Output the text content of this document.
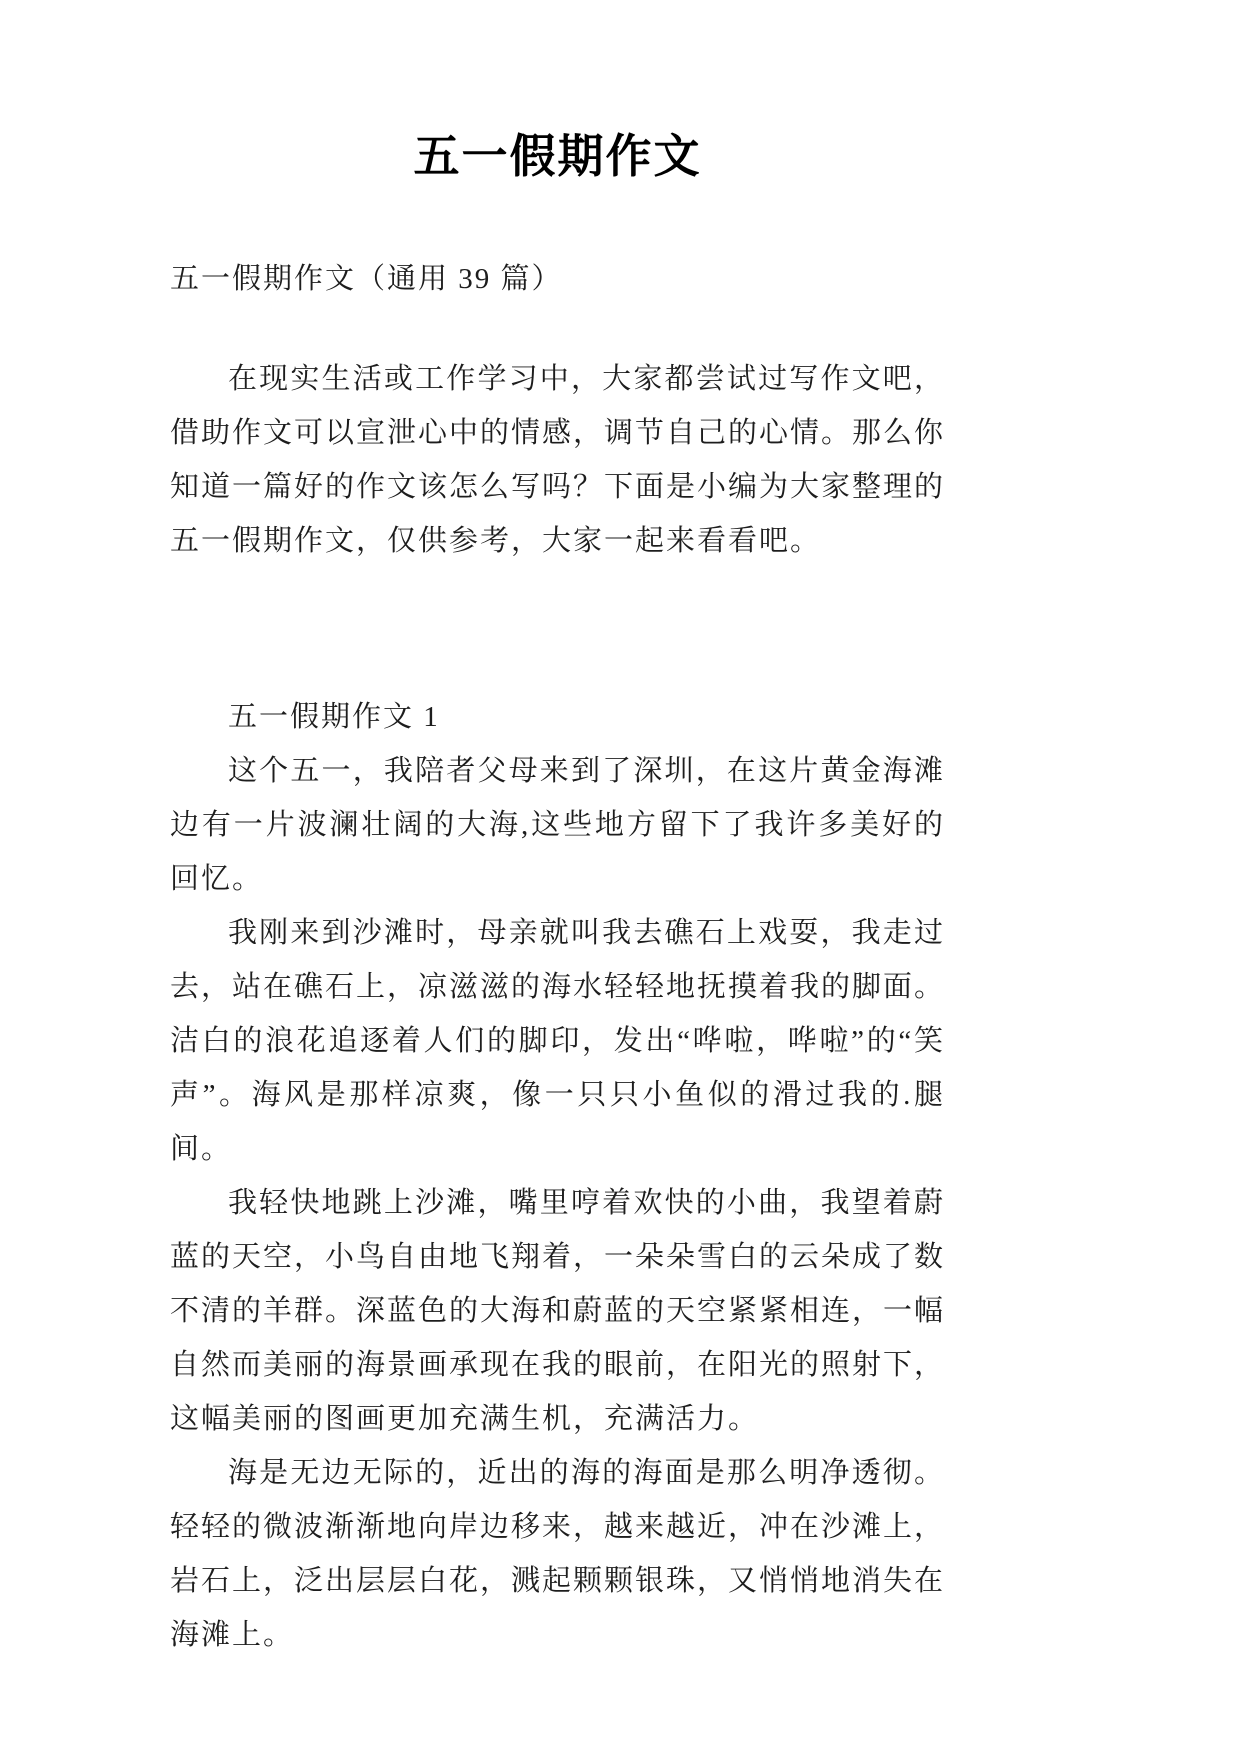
五一假期作文
五一假期作文（通用 39 篇）

在现实生活或工作学习中，大家都尝试过写作文吧，借助作文可以宣泄心中的情感，调节自己的心情。那么你知道一篇好的作文该怎么写吗？下面是小编为大家整理的五一假期作文，仅供参考，大家一起来看看吧。

五一假期作文 1

这个五一，我陪者父母来到了深圳，在这片黄金海滩边有一片波澜壮阔的大海,这些地方留下了我许多美好的回忆。

我刚来到沙滩时，母亲就叫我去礁石上戏耍，我走过去，站在礁石上，凉滋滋的海水轻轻地抚摸着我的脚面。洁白的浪花追逐着人们的脚印，发出“哗啦，哗啦”的“笑声”。海风是那样凉爽，像一只只小鱼似的滑过我的.腿间。

我轻快地跳上沙滩，嘴里哼着欢快的小曲，我望着蔚蓝的天空，小鸟自由地飞翔着，一朵朵雪白的云朵成了数不清的羊群。深蓝色的大海和蔚蓝的天空紧紧相连，一幅自然而美丽的海景画承现在我的眼前，在阳光的照射下，这幅美丽的图画更加充满生机，充满活力。

海是无边无际的，近出的海的海面是那么明净透彻。轻轻的微波渐渐地向岸边移来，越来越近，冲在沙滩上，岩石上，泛出层层白花，溅起颗颗银珠，又悄悄地消失在海滩上。
